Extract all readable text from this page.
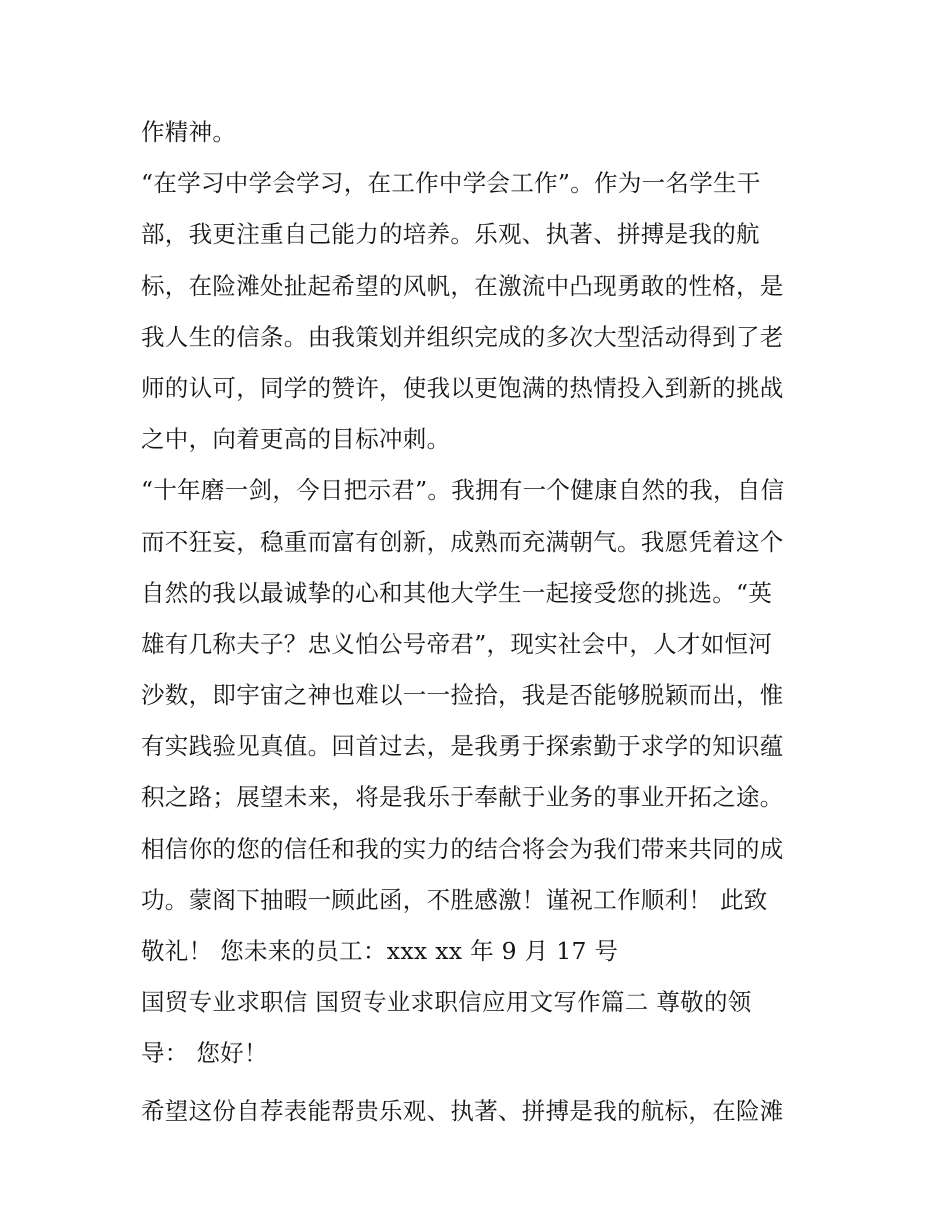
作精神。
“在学习中学会学习，在工作中学会工作”。作为一名学生干
部，我更注重自己能力的培养。乐观、执著、拼搏是我的航
标，在险滩处扯起希望的风帆，在激流中凸现勇敢的性格，是
我人生的信条。由我策划并组织完成的多次大型活动得到了老
师的认可，同学的赞许，使我以更饱满的热情投入到新的挑战
之中，向着更高的目标冲刺。
“十年磨一剑，今日把示君”。我拥有一个健康自然的我，自信
而不狂妄，稳重而富有创新，成熟而充满朝气。我愿凭着这个
自然的我以最诚挚的心和其他大学生一起接受您的挑选。“英
雄有几称夫子？忠义怕公号帝君”，现实社会中，人才如恒河
沙数，即宇宙之神也难以一一捡拾，我是否能够脱颖而出，惟
有实践验见真值。回首过去，是我勇于探索勤于求学的知识蕴
积之路；展望未来，将是我乐于奉献于业务的事业开拓之途。
相信你的您的信任和我的实力的结合将会为我们带来共同的成
功。蒙阁下抽暇一顾此函，不胜感激！谨祝工作顺利！ 此致
敬礼！ 您未来的员工：xxx xx 年 9 月 17 号
国贸专业求职信 国贸专业求职信应用文写作篇二 尊敬的领
导： 您好！
希望这份自荐表能帮贵乐观、执著、拼搏是我的航标，在险滩
